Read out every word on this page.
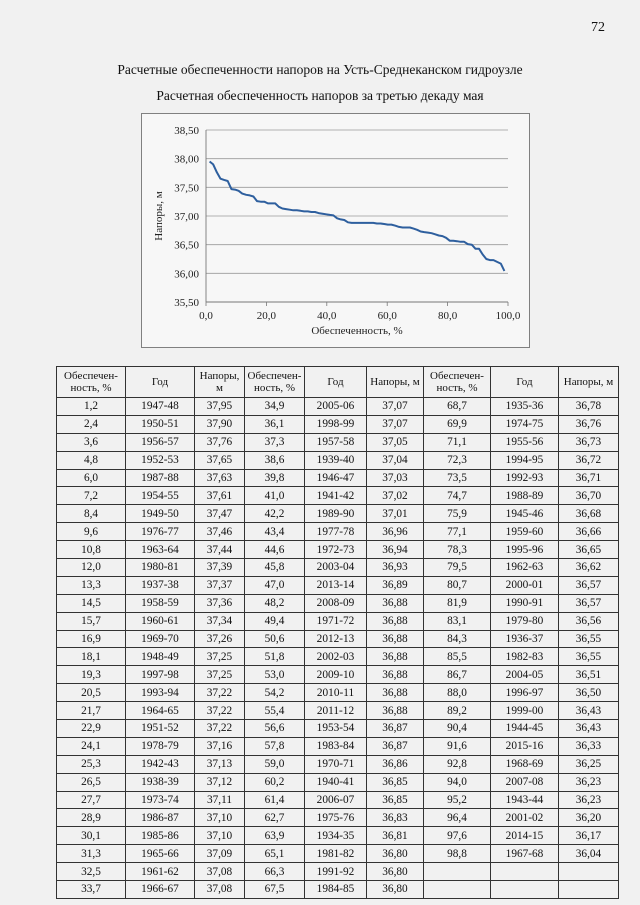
72
Расчетные обеспеченности напоров на Усть-Среднеканском гидроузле
Расчетная обеспеченность напоров за третью декаду мая
35,50
36,00
36,50
37,00
37,50
38,00
38,50
0,0	20,0	40,0	60,0	80,0	100,0
Обеспеченность, %
Напоры, м
Обеспечен-ность, %	Год	Напоры, м	Обеспечен-ность, %	Год	Напоры, м	Обеспечен-ность, %	Год	Напоры, м
1,2	1947-48	37,95	34,9	2005-06	37,07	68,7	1935-36	36,78
2,4	1950-51	37,90	36,1	1998-99	37,07	69,9	1974-75	36,76
3,6	1956-57	37,76	37,3	1957-58	37,05	71,1	1955-56	36,73
4,8	1952-53	37,65	38,6	1939-40	37,04	72,3	1994-95	36,72
6,0	1987-88	37,63	39,8	1946-47	37,03	73,5	1992-93	36,71
7,2	1954-55	37,61	41,0	1941-42	37,02	74,7	1988-89	36,70
8,4	1949-50	37,47	42,2	1989-90	37,01	75,9	1945-46	36,68
9,6	1976-77	37,46	43,4	1977-78	36,96	77,1	1959-60	36,66
10,8	1963-64	37,44	44,6	1972-73	36,94	78,3	1995-96	36,65
12,0	1980-81	37,39	45,8	2003-04	36,93	79,5	1962-63	36,62
13,3	1937-38	37,37	47,0	2013-14	36,89	80,7	2000-01	36,57
14,5	1958-59	37,36	48,2	2008-09	36,88	81,9	1990-91	36,57
15,7	1960-61	37,34	49,4	1971-72	36,88	83,1	1979-80	36,56
16,9	1969-70	37,26	50,6	2012-13	36,88	84,3	1936-37	36,55
18,1	1948-49	37,25	51,8	2002-03	36,88	85,5	1982-83	36,55
19,3	1997-98	37,25	53,0	2009-10	36,88	86,7	2004-05	36,51
20,5	1993-94	37,22	54,2	2010-11	36,88	88,0	1996-97	36,50
21,7	1964-65	37,22	55,4	2011-12	36,88	89,2	1999-00	36,43
22,9	1951-52	37,22	56,6	1953-54	36,87	90,4	1944-45	36,43
24,1	1978-79	37,16	57,8	1983-84	36,87	91,6	2015-16	36,33
25,3	1942-43	37,13	59,0	1970-71	36,86	92,8	1968-69	36,25
26,5	1938-39	37,12	60,2	1940-41	36,85	94,0	2007-08	36,23
27,7	1973-74	37,11	61,4	2006-07	36,85	95,2	1943-44	36,23
28,9	1986-87	37,10	62,7	1975-76	36,83	96,4	2001-02	36,20
30,1	1985-86	37,10	63,9	1934-35	36,81	97,6	2014-15	36,17
31,3	1965-66	37,09	65,1	1981-82	36,80	98,8	1967-68	36,04
32,5	1961-62	37,08	66,3	1991-92	36,80			
33,7	1966-67	37,08	67,5	1984-85	36,80			
